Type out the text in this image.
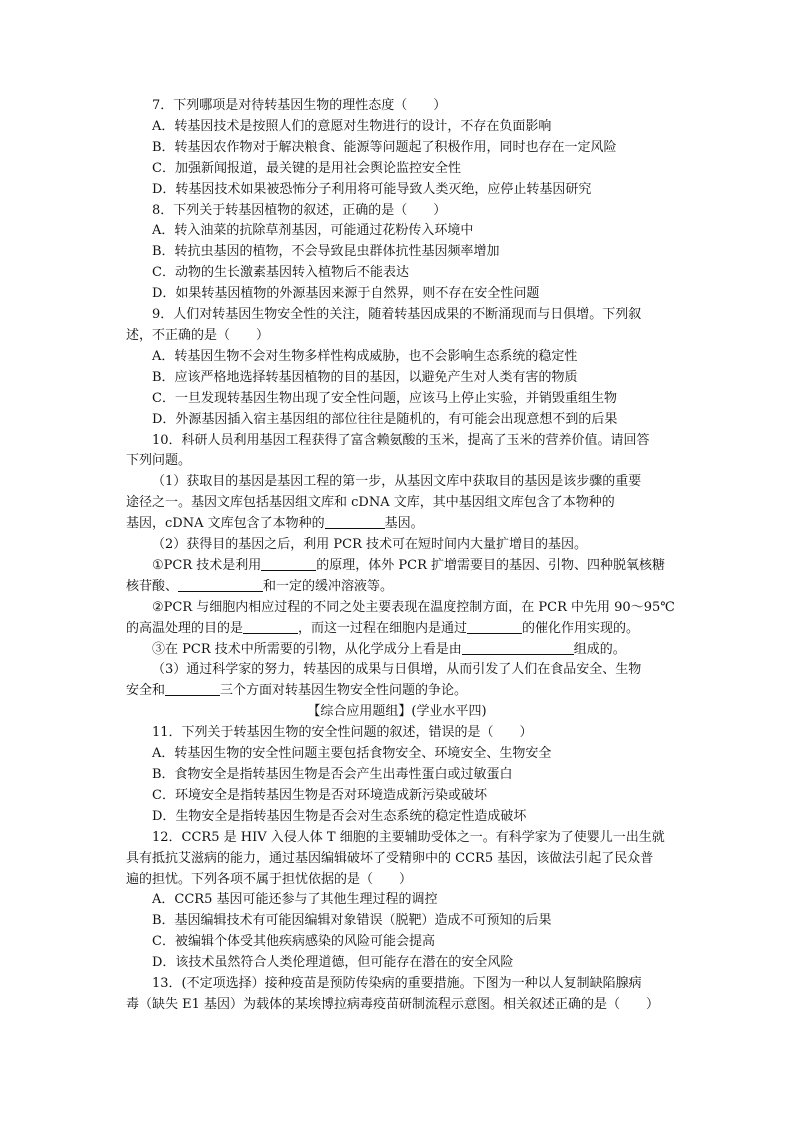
7．下列哪项是对待转基因生物的理性态度（　　）
A．转基因技术是按照人们的意愿对生物进行的设计，不存在负面影响
B．转基因农作物对于解决粮食、能源等问题起了积极作用，同时也存在一定风险
C．加强新闻报道，最关键的是用社会舆论监控安全性
D．转基因技术如果被恐怖分子利用将可能导致人类灭绝，应停止转基因研究
8．下列关于转基因植物的叙述，正确的是（　　）
A．转入油菜的抗除草剂基因，可能通过花粉传入环境中
B．转抗虫基因的植物，不会导致昆虫群体抗性基因频率增加
C．动物的生长激素基因转入植物后不能表达
D．如果转基因植物的外源基因来源于自然界，则不存在安全性问题
9．人们对转基因生物安全性的关注，随着转基因成果的不断涌现而与日俱增。下列叙
述，不正确的是（　　）
A．转基因生物不会对生物多样性构成威胁，也不会影响生态系统的稳定性
B．应该严格地选择转基因植物的目的基因，以避免产生对人类有害的物质
C．一旦发现转基因生物出现了安全性问题，应该马上停止实验，并销毁重组生物
D．外源基因插入宿主基因组的部位往往是随机的，有可能会出现意想不到的后果
10．科研人员利用基因工程获得了富含赖氨酸的玉米，提高了玉米的营养价值。请回答
下列问题。
（1）获取目的基因是基因工程的第一步，从基因文库中获取目的基因是该步骤的重要
途径之一。基因文库包括基因组文库和 cDNA 文库，其中基因组文库包含了本物种的
基因，cDNA 文库包含了本物种的	基因。
（2）获得目的基因之后，利用 PCR 技术可在短时间内大量扩增目的基因。
①PCR 技术是利用	的原理，体外 PCR 扩增需要目的基因、引物、四种脱氧核糖
核苷酸、	和一定的缓冲溶液等。
②PCR 与细胞内相应过程的不同之处主要表现在温度控制方面，在 PCR 中先用 90～95℃
的高温处理的目的是	，而这一过程在细胞内是通过	的催化作用实现的。
③在 PCR 技术中所需要的引物，从化学成分上看是由	组成的。
（3）通过科学家的努力，转基因的成果与日俱增，从而引发了人们在食品安全、生物
安全和	三个方面对转基因生物安全性问题的争论。
【综合应用题组】(学业水平四)
11．下列关于转基因生物的安全性问题的叙述，错误的是（　　）
A．转基因生物的安全性问题主要包括食物安全、环境安全、生物安全
B．食物安全是指转基因生物是否会产生出毒性蛋白或过敏蛋白
C．环境安全是指转基因生物是否对环境造成新污染或破坏
D．生物安全是指转基因生物是否会对生态系统的稳定性造成破坏
12．CCR5 是 HIV 入侵人体 T 细胞的主要辅助受体之一。有科学家为了使婴儿一出生就
具有抵抗艾滋病的能力，通过基因编辑破坏了受精卵中的 CCR5 基因，该做法引起了民众普
遍的担忧。下列各项不属于担忧依据的是（　　）
A．CCR5 基因可能还参与了其他生理过程的调控
B．基因编辑技术有可能因编辑对象错误（脱靶）造成不可预知的后果
C．被编辑个体受其他疾病感染的风险可能会提高
D．该技术虽然符合人类伦理道德，但可能存在潜在的安全风险
13．(不定项选择）接种疫苗是预防传染病的重要措施。下图为一种以人复制缺陷腺病
毒（缺失 E1 基因）为载体的某埃博拉病毒疫苗研制流程示意图。相关叙述正确的是（　　）
